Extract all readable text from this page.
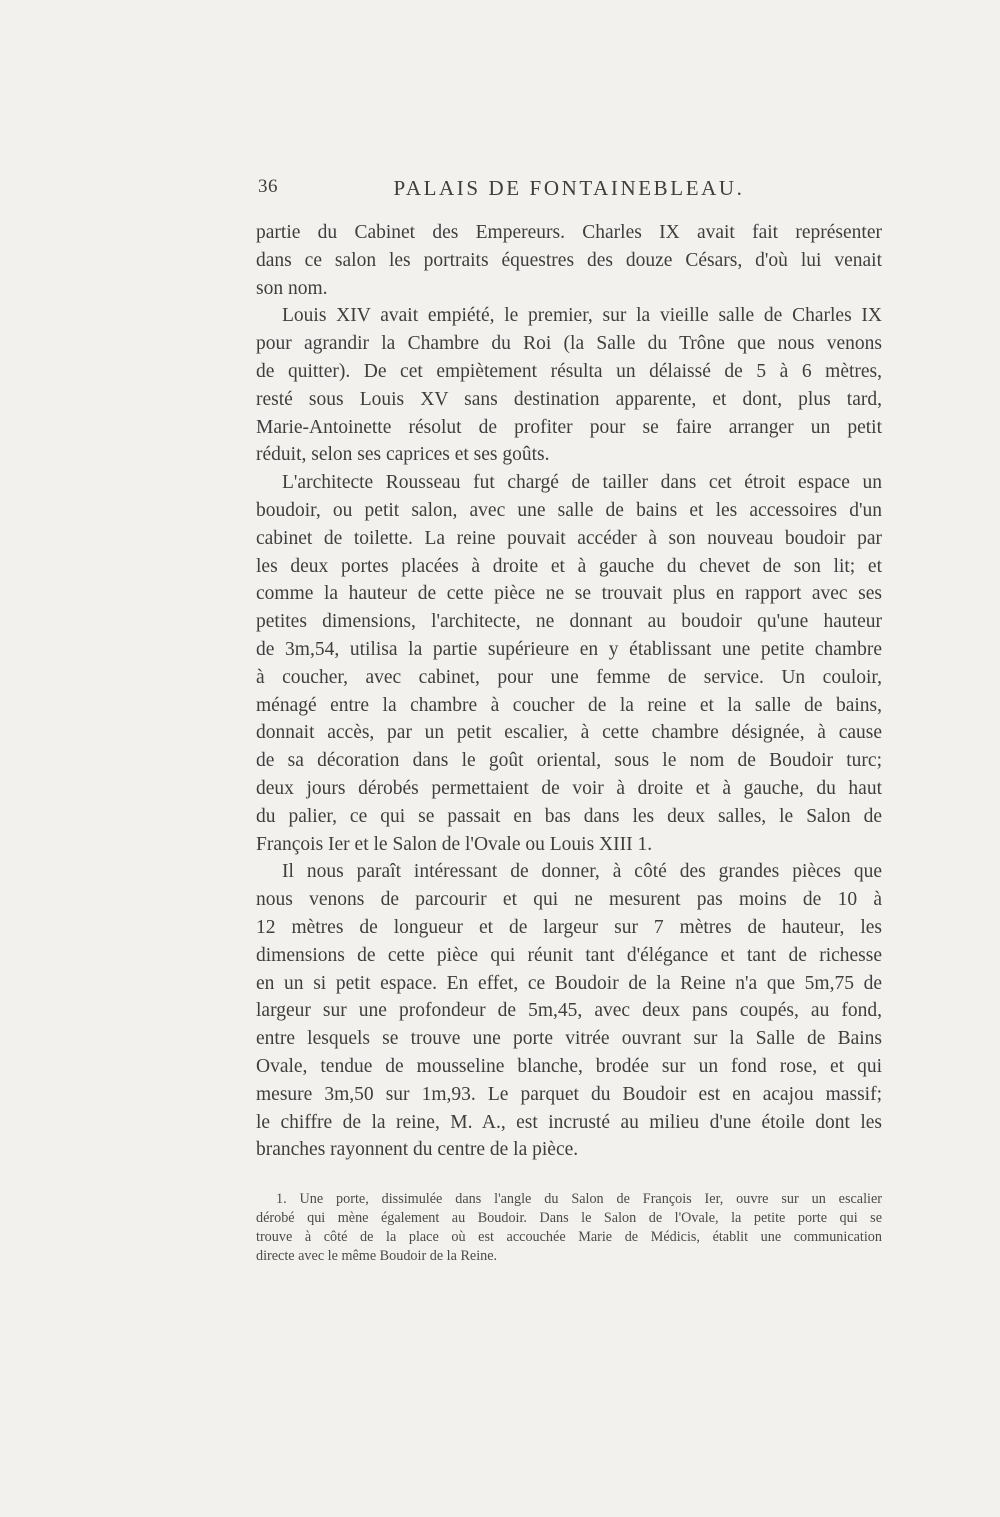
36	PALAIS DE FONTAINEBLEAU.
partie du Cabinet des Empereurs. Charles IX avait fait représenter
dans ce salon les portraits équestres des douze Césars, d'où lui venait
son nom.
Louis XIV avait empiété, le premier, sur la vieille salle de Charles IX
pour agrandir la Chambre du Roi (la Salle du Trône que nous venons
de quitter). De cet empiètement résulta un délaissé de 5 à 6 mètres,
resté sous Louis XV sans destination apparente, et dont, plus tard,
Marie-Antoinette résolut de profiter pour se faire arranger un petit
réduit, selon ses caprices et ses goûts.
L'architecte Rousseau fut chargé de tailler dans cet étroit espace un
boudoir, ou petit salon, avec une salle de bains et les accessoires d'un
cabinet de toilette. La reine pouvait accéder à son nouveau boudoir par
les deux portes placées à droite et à gauche du chevet de son lit; et
comme la hauteur de cette pièce ne se trouvait plus en rapport avec ses
petites dimensions, l'architecte, ne donnant au boudoir qu'une hauteur
de 3m,54, utilisa la partie supérieure en y établissant une petite chambre
à coucher, avec cabinet, pour une femme de service. Un couloir,
ménagé entre la chambre à coucher de la reine et la salle de bains,
donnait accès, par un petit escalier, à cette chambre désignée, à cause
de sa décoration dans le goût oriental, sous le nom de Boudoir turc;
deux jours dérobés permettaient de voir à droite et à gauche, du haut
du palier, ce qui se passait en bas dans les deux salles, le Salon de
François Ier et le Salon de l'Ovale ou Louis XIII 1.
Il nous paraît intéressant de donner, à côté des grandes pièces que
nous venons de parcourir et qui ne mesurent pas moins de 10 à
12 mètres de longueur et de largeur sur 7 mètres de hauteur, les
dimensions de cette pièce qui réunit tant d'élégance et tant de richesse
en un si petit espace. En effet, ce Boudoir de la Reine n'a que 5m,75 de
largeur sur une profondeur de 5m,45, avec deux pans coupés, au fond,
entre lesquels se trouve une porte vitrée ouvrant sur la Salle de Bains
Ovale, tendue de mousseline blanche, brodée sur un fond rose, et qui
mesure 3m,50 sur 1m,93. Le parquet du Boudoir est en acajou massif;
le chiffre de la reine, M. A., est incrusté au milieu d'une étoile dont les
branches rayonnent du centre de la pièce.
1. Une porte, dissimulée dans l'angle du Salon de François Ier, ouvre sur un escalier
dérobé qui mène également au Boudoir. Dans le Salon de l'Ovale, la petite porte qui se
trouve à côté de la place où est accouchée Marie de Médicis, établit une communication
directe avec le même Boudoir de la Reine.
